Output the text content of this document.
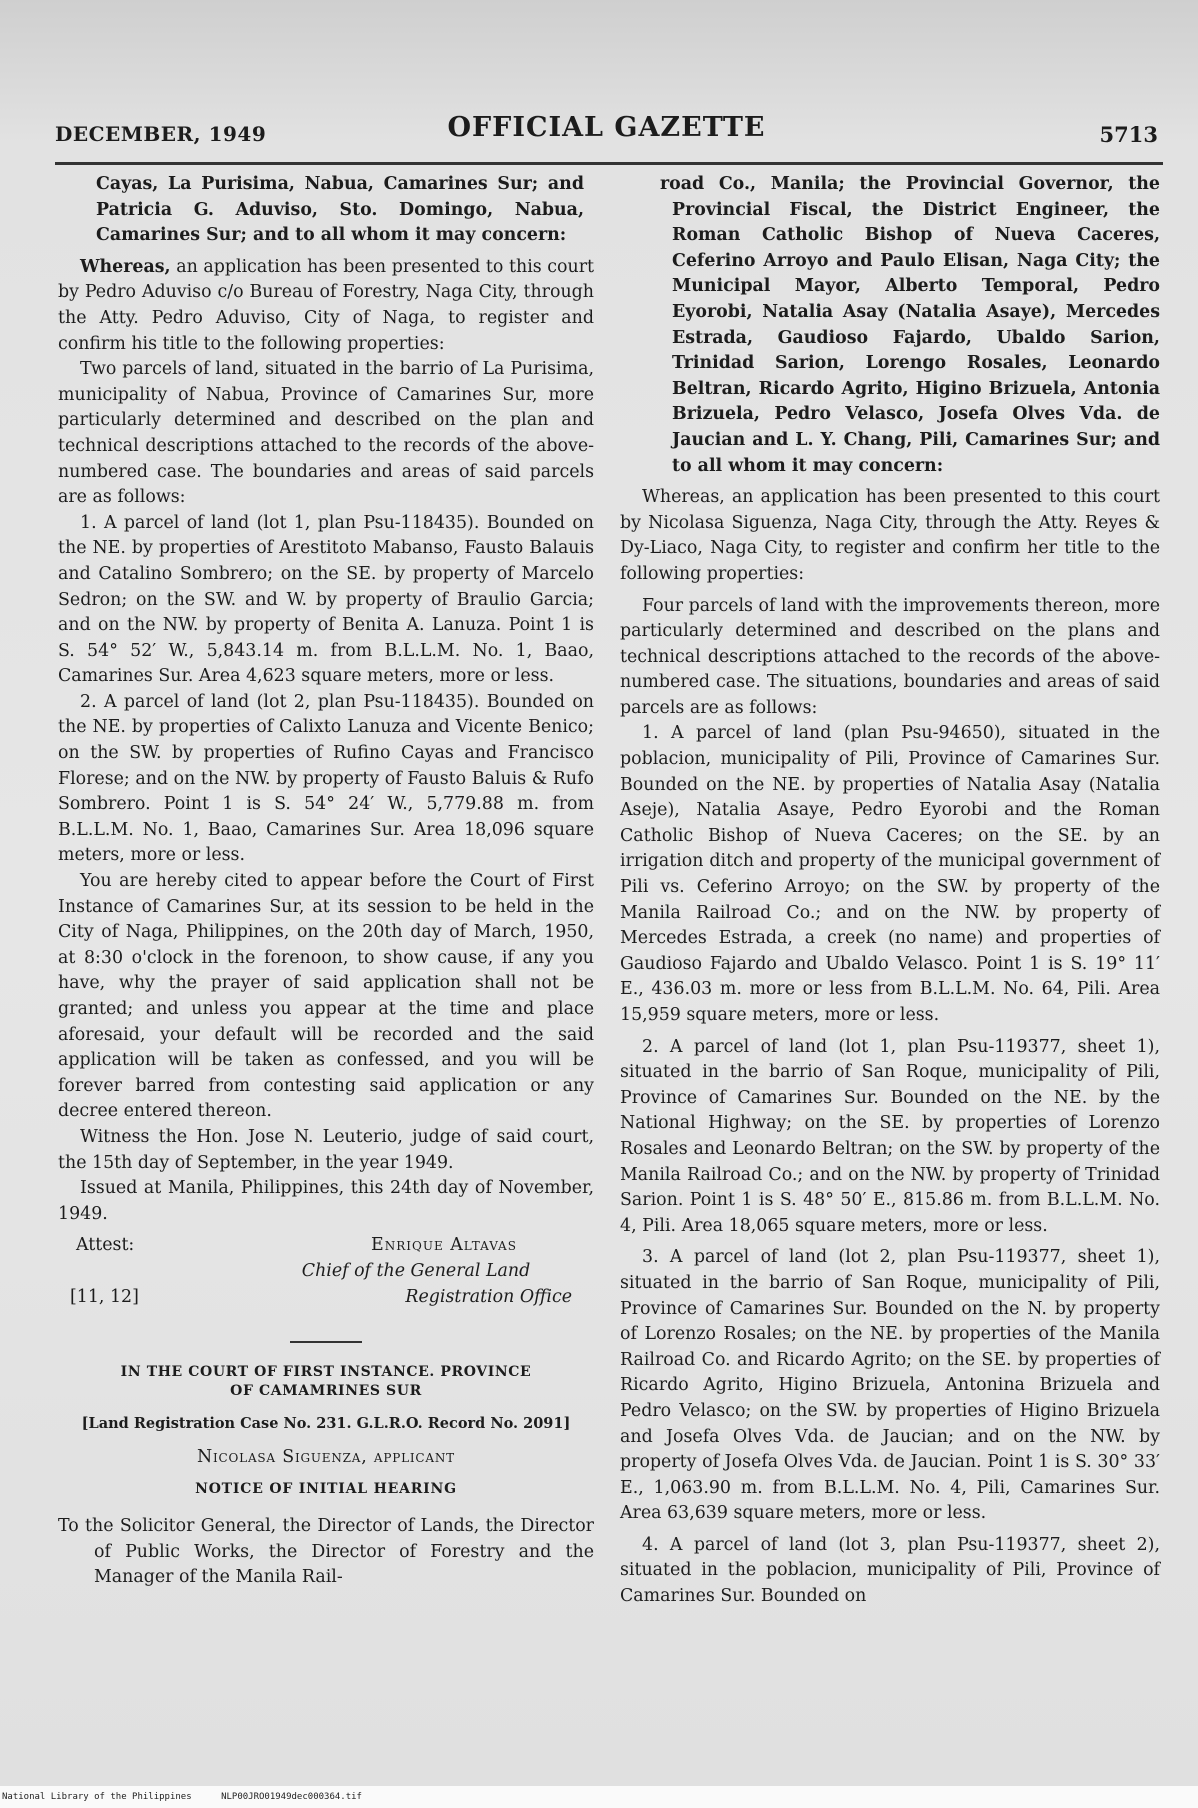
DECEMBER, 1949	OFFICIAL GAZETTE	5713

Cayas, La Purisima, Nabua, Camarines Sur; and Patricia G. Aduviso, Sto. Domingo, Nabua, Camarines Sur; and to all whom it may concern:

Whereas, an application has been presented to this court by Pedro Aduviso c/o Bureau of Forestry, Naga City, through the Atty. Pedro Aduviso, City of Naga, to register and confirm his title to the following properties:

Two parcels of land, situated in the barrio of La Purisima, municipality of Nabua, Province of Camarines Sur, more particularly determined and described on the plan and technical descriptions attached to the records of the above-numbered case. The boundaries and areas of said parcels are as follows:

1. A parcel of land (lot 1, plan Psu-118435). Bounded on the NE. by properties of Arestitoto Mabanso, Fausto Balauis and Catalino Sombrero; on the SE. by property of Marcelo Sedron; on the SW. and W. by property of Braulio Garcia; and on the NW. by property of Benita A. Lanuza. Point 1 is S. 54° 52′ W., 5,843.14 m. from B.L.L.M. No. 1, Baao, Camarines Sur. Area 4,623 square meters, more or less.

2. A parcel of land (lot 2, plan Psu-118435). Bounded on the NE. by properties of Calixto Lanuza and Vicente Benico; on the SW. by properties of Rufino Cayas and Francisco Florese; and on the NW. by property of Fausto Baluis & Rufo Sombrero. Point 1 is S. 54° 24′ W., 5,779.88 m. from B.L.L.M. No. 1, Baao, Camarines Sur. Area 18,096 square meters, more or less.

You are hereby cited to appear before the Court of First Instance of Camarines Sur, at its session to be held in the City of Naga, Philippines, on the 20th day of March, 1950, at 8:30 o'clock in the forenoon, to show cause, if any you have, why the prayer of said application shall not be granted; and unless you appear at the time and place aforesaid, your default will be recorded and the said application will be taken as confessed, and you will be forever barred from contesting said application or any decree entered thereon.

Witness the Hon. Jose N. Leuterio, judge of said court, the 15th day of September, in the year 1949.

Issued at Manila, Philippines, this 24th day of November, 1949.

Attest:	Enrique Altavas
Chief of the General Land
[11, 12]	Registration Office
IN THE COURT OF FIRST INSTANCE. PROVINCE
OF CAMAMRINES SUR
[Land Registration Case No. 231. G.L.R.O. Record No. 2091]
Nicolasa Siguenza, applicant
NOTICE OF INITIAL HEARING

To the Solicitor General, the Director of Lands, the Director of Public Works, the Director of Forestry and the Manager of the Manila Rail-

road Co., Manila; the Provincial Governor, the Provincial Fiscal, the District Engineer, the Roman Catholic Bishop of Nueva Caceres, Ceferino Arroyo and Paulo Elisan, Naga City; the Municipal Mayor, Alberto Temporal, Pedro Eyorobi, Natalia Asay (Natalia Asaye), Mercedes Estrada, Gaudioso Fajardo, Ubaldo Sarion, Trinidad Sarion, Lorengo Rosales, Leonardo Beltran, Ricardo Agrito, Higino Brizuela, Antonia Brizuela, Pedro Velasco, Josefa Olves Vda. de Jaucian and L. Y. Chang, Pili, Camarines Sur; and to all whom it may concern:

Whereas, an application has been presented to this court by Nicolasa Siguenza, Naga City, through the Atty. Reyes & Dy-Liaco, Naga City, to register and confirm her title to the following properties:

Four parcels of land with the improvements thereon, more particularly determined and described on the plans and technical descriptions attached to the records of the above-numbered case. The situations, boundaries and areas of said parcels are as follows:

1. A parcel of land (plan Psu-94650), situated in the poblacion, municipality of Pili, Province of Camarines Sur. Bounded on the NE. by properties of Natalia Asay (Natalia Aseje), Natalia Asaye, Pedro Eyorobi and the Roman Catholic Bishop of Nueva Caceres; on the SE. by an irrigation ditch and property of the municipal government of Pili vs. Ceferino Arroyo; on the SW. by property of the Manila Railroad Co.; and on the NW. by property of Mercedes Estrada, a creek (no name) and properties of Gaudioso Fajardo and Ubaldo Velasco. Point 1 is S. 19° 11′ E., 436.03 m. more or less from B.L.L.M. No. 64, Pili. Area 15,959 square meters, more or less.

2. A parcel of land (lot 1, plan Psu-119377, sheet 1), situated in the barrio of San Roque, municipality of Pili, Province of Camarines Sur. Bounded on the NE. by the National Highway; on the SE. by properties of Lorenzo Rosales and Leonardo Beltran; on the SW. by property of the Manila Railroad Co.; and on the NW. by property of Trinidad Sarion. Point 1 is S. 48° 50′ E., 815.86 m. from B.L.L.M. No. 4, Pili. Area 18,065 square meters, more or less.

3. A parcel of land (lot 2, plan Psu-119377, sheet 1), situated in the barrio of San Roque, municipality of Pili, Province of Camarines Sur. Bounded on the N. by property of Lorenzo Rosales; on the NE. by properties of the Manila Railroad Co. and Ricardo Agrito; on the SE. by properties of Ricardo Agrito, Higino Brizuela, Antonina Brizuela and Pedro Velasco; on the SW. by properties of Higino Brizuela and Josefa Olves Vda. de Jaucian; and on the NW. by property of Josefa Olves Vda. de Jaucian. Point 1 is S. 30° 33′ E., 1,063.90 m. from B.L.L.M. No. 4, Pili, Camarines Sur. Area 63,639 square meters, more or less.

4. A parcel of land (lot 3, plan Psu-119377, sheet 2), situated in the poblacion, municipality of Pili, Province of Camarines Sur. Bounded on

National Library of the Philippines	NLP00JRO01949dec000364.tif
